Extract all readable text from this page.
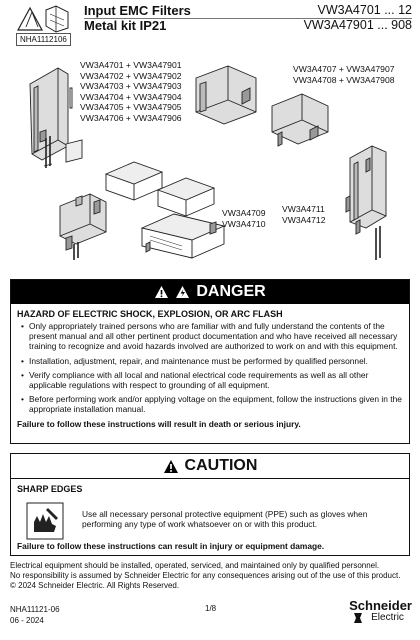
Input EMC Filters
Metal kit IP21
VW3A4701 ... 12
VW3A47901 ... 908
NHA1112106
VW3A4701 + VW3A47901
VW3A4702 + VW3A47902
VW3A4703 + VW3A47903
VW3A4704 + VW3A47904
VW3A4705 + VW3A47905
VW3A4706 + VW3A47906
VW3A4707 + VW3A47907
VW3A4708 + VW3A47908
VW3A4709
VW3A4710
VW3A4711
VW3A4712
DANGER
HAZARD OF ELECTRIC SHOCK, EXPLOSION, OR ARC FLASH
• Only appropriately trained persons who are familiar with and fully understand the contents of the present manual and all other pertinent product documentation and who have received all necessary training to recognize and avoid hazards involved are authorized to work on and with this equipment.
• Installation, adjustment, repair, and maintenance must be performed by qualified personnel.
• Verify compliance with all local and national electrical code requirements as well as all other applicable regulations with respect to grounding of all equipment.
• Before performing work and/or applying voltage on the equipment, follow the instructions given in the appropriate installation manual.
Failure to follow these instructions will result in death or serious injury.
CAUTION
SHARP EDGES
Use all necessary personal protective equipment (PPE) such as gloves when performing any type of work whatsoever on or with this product.
Failure to follow these instructions can result in injury or equipment damage.
Electrical equipment should be installed, operated, serviced, and maintained only by qualified personnel.
No responsibility is assumed by Schneider Electric for any consequences arising out of the use of this product.
© 2024 Schneider Electric. All Rights Reserved.
NHA11121-06
06 - 2024
1/8	Schneider
Electric
